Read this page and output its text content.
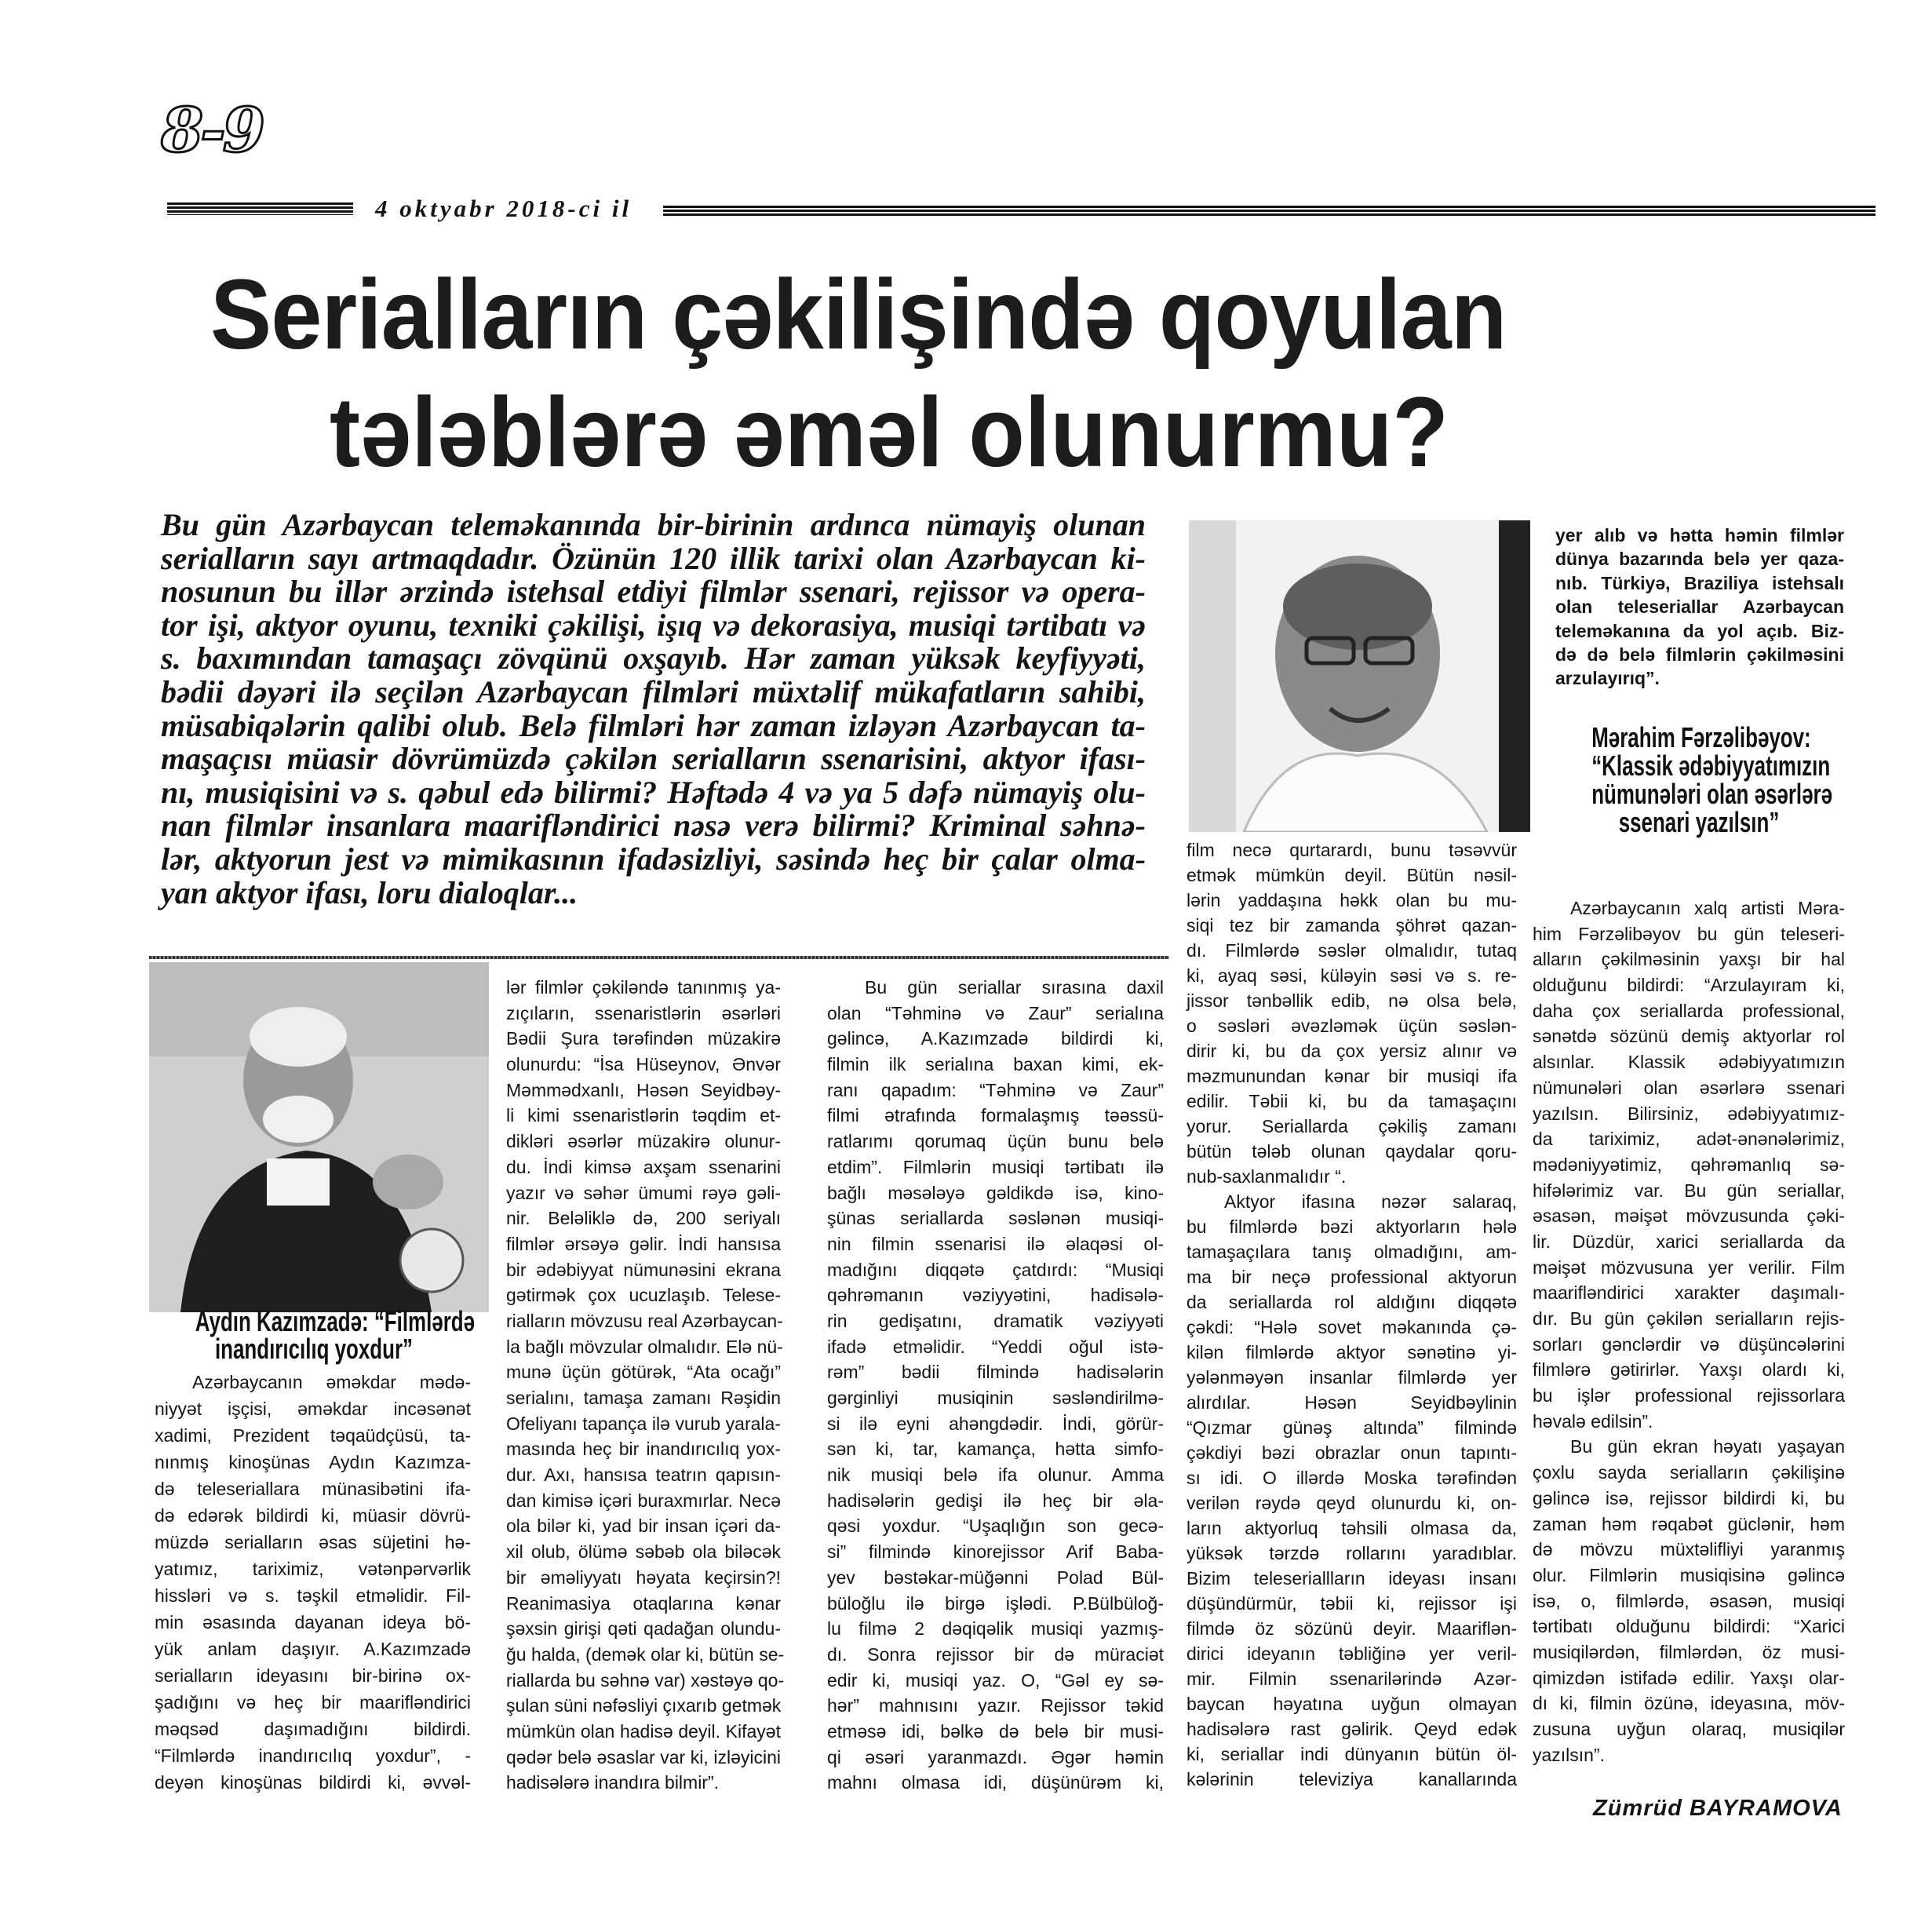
8-9
4 oktyabr 2018-ci il
Serialların çəkilişində qoyulan
tələblərə əməl olunurmu?
Bu gün Azərbaycan teleməkanında bir-birinin ardınca nümayiş olunan
serialların sayı artmaqdadır. Özünün 120 illik tarixi olan Azərbaycan ki-
nosunun bu illər ərzində istehsal etdiyi filmlər ssenari, rejissor və opera-
tor işi, aktyor oyunu, texniki çəkilişi, işıq və dekorasiya, musiqi tərtibatı və
s. baxımından tamaşaçı zövqünü oxşayıb. Hər zaman yüksək keyfiyyəti,
bədii dəyəri ilə seçilən Azərbaycan filmləri müxtəlif mükafatların sahibi,
müsabiqələrin qalibi olub. Belə filmləri hər zaman izləyən Azərbaycan ta-
maşaçısı müasir dövrümüzdə çəkilən serialların ssenarisini, aktyor ifası-
nı, musiqisini və s. qəbul edə bilirmi? Həftədə 4 və ya 5 dəfə nümayiş olu-
nan filmlər insanlara maarifləndirici nəsə verə bilirmi? Kriminal səhnə-
lər, aktyorun jest və mimikasının ifadəsizliyi, səsində heç bir çalar olma-
yan aktyor ifası, loru dialoqlar...
Aydın Kazımzadə: “Filmlərdə
inandırıcılıq yoxdur”
Mərahim Fərzəlibəyov:
“Klassik ədəbiyyatımızın
nümunələri olan əsərlərə
ssenari yazılsın”
Azərbaycanın əməkdar mədə-
niyyət işçisi, əməkdar incəsənət
xadimi, Prezident təqaüdçüsü, ta-
nınmış kinoşünas Aydın Kazımza-
də teleseriallara münasibətini ifa-
də edərək bildirdi ki, müasir dövrü-
müzdə serialların əsas süjetini hə-
yatımız, tariximiz, vətənpərvərlik
hissləri və s. təşkil etməlidir. Fil-
min əsasında dayanan ideya bö-
yük anlam daşıyır. A.Kazımzadə
serialların ideyasını bir-birinə ox-
şadığını və heç bir maarifləndirici
məqsəd daşımadığını bildirdi.
“Filmlərdə inandırıcılıq yoxdur”, -
deyən kinoşünas bildirdi ki, əvvəl-
lər filmlər çəkiləndə tanınmış ya-
zıçıların, ssenaristlərin əsərləri
Bədii Şura tərəfindən müzakirə
olunurdu: “İsa Hüseynov, Ənvər
Məmmədxanlı, Həsən Seyidbəy-
li kimi ssenaristlərin təqdim et-
dikləri əsərlər müzakirə olunur-
du. İndi kimsə axşam ssenarini
yazır və səhər ümumi rəyə gəli-
nir. Beləliklə də, 200 seriyalı
filmlər ərsəyə gəlir. İndi hansısa
bir ədəbiyyat nümunəsini ekrana
gətirmək çox ucuzlaşıb. Telese-
rialların mövzusu real Azərbaycan-
la bağlı mövzular olmalıdır. Elə nü-
munə üçün götürək, “Ata ocağı”
serialını, tamaşa zamanı Rəşidin
Ofeliyanı tapança ilə vurub yarala-
masında heç bir inandırıcılıq yox-
dur. Axı, hansısa teatrın qapısın-
dan kimisə içəri buraxmırlar. Necə
ola bilər ki, yad bir insan içəri da-
xil olub, ölümə səbəb ola biləcək
bir əməliyyatı həyata keçirsin?!
Reanimasiya otaqlarına kənar
şəxsin girişi qəti qadağan olundu-
ğu halda, (demək olar ki, bütün se-
riallarda bu səhnə var) xəstəyə qo-
şulan süni nəfəsliyi çıxarıb getmək
mümkün olan hadisə deyil. Kifayət
qədər belə əsaslar var ki, izləyicini
hadisələrə inandıra bilmir”.
Bu gün seriallar sırasına daxil
olan “Təhminə və Zaur” serialına
gəlincə, A.Kazımzadə bildirdi ki,
filmin ilk serialına baxan kimi, ek-
ranı qapadım: “Təhminə və Zaur”
filmi ətrafında formalaşmış təəssü-
ratlarımı qorumaq üçün bunu belə
etdim”. Filmlərin musiqi tərtibatı ilə
bağlı məsələyə gəldikdə isə, kino-
şünas seriallarda səslənən musiqi-
nin filmin ssenarisi ilə əlaqəsi ol-
madığını diqqətə çatdırdı: “Musiqi
qəhrəmanın vəziyyətini, hadisələ-
rin gedişatını, dramatik vəziyyəti
ifadə etməlidir. “Yeddi oğul istə-
rəm” bədii filmində hadisələrin
gərginliyi musiqinin səsləndirilmə-
si ilə eyni ahəngdədir. İndi, görür-
sən ki, tar, kamança, hətta simfo-
nik musiqi belə ifa olunur. Amma
hadisələrin gedişi ilə heç bir əla-
qəsi yoxdur. “Uşaqlığın son gecə-
si” filmində kinorejissor Arif Baba-
yev bəstəkar-müğənni Polad Bül-
büloğlu ilə birgə işlədi. P.Bülbüloğ-
lu filmə 2 dəqiqəlik musiqi yazmış-
dı. Sonra rejissor bir də müraciət
edir ki, musiqi yaz. O, “Gəl ey sə-
hər” mahnısını yazır. Rejissor təkid
etməsə idi, bəlkə də belə bir musi-
qi əsəri yaranmazdı. Əgər həmin
mahnı olmasa idi, düşünürəm ki,
film necə qurtarardı, bunu təsəvvür
etmək mümkün deyil. Bütün nəsil-
lərin yaddaşına həkk olan bu mu-
siqi tez bir zamanda şöhrət qazan-
dı. Filmlərdə səslər olmalıdır, tutaq
ki, ayaq səsi, küləyin səsi və s. re-
jissor tənbəllik edib, nə olsa belə,
o səsləri əvəzləmək üçün səslən-
dirir ki, bu da çox yersiz alınır və
məzmunundan kənar bir musiqi ifa
edilir. Təbii ki, bu da tamaşaçını
yorur. Seriallarda çəkiliş zamanı
bütün tələb olunan qaydalar qoru-
nub-saxlanmalıdır “.
Aktyor ifasına nəzər salaraq,
bu filmlərdə bəzi aktyorların hələ
tamaşaçılara tanış olmadığını, am-
ma bir neçə professional aktyorun
da seriallarda rol aldığını diqqətə
çəkdi: “Hələ sovet məkanında çə-
kilən filmlərdə aktyor sənətinə yi-
yələnməyən insanlar filmlərdə yer
alırdılar. Həsən Seyidbəylinin
“Qızmar günəş altında” filmində
çəkdiyi bəzi obrazlar onun tapıntı-
sı idi. O illərdə Moska tərəfindən
verilən rəydə qeyd olunurdu ki, on-
ların aktyorluq təhsili olmasa da,
yüksək tərzdə rollarını yaradıblar.
Bizim teleseriallların ideyası insanı
düşündürmür, təbii ki, rejissor işi
filmdə öz sözünü deyir. Maariflən-
dirici ideyanın təbliğinə yer veril-
mir. Filmin ssenarilərində Azər-
baycan həyatına uyğun olmayan
hadisələrə rast gəlirik. Qeyd edək
ki, seriallar indi dünyanın bütün öl-
kələrinin televiziya kanallarında
yer alıb və hətta həmin filmlər
dünya bazarında belə yer qaza-
nıb. Türkiyə, Braziliya istehsalı
olan teleseriallar Azərbaycan
teleməkanına da yol açıb. Biz-
də də belə filmlərin çəkilməsini
arzulayırıq”.
Azərbaycanın xalq artisti Məra-
him Fərzəlibəyov bu gün teleseri-
alların çəkilməsinin yaxşı bir hal
olduğunu bildirdi: “Arzulayıram ki,
daha çox seriallarda professional,
sənətdə sözünü demiş aktyorlar rol
alsınlar. Klassik ədəbiyyatımızın
nümunələri olan əsərlərə ssenari
yazılsın. Bilirsiniz, ədəbiyyatımız-
da tariximiz, adət-ənənələrimiz,
mədəniyyətimiz, qəhrəmanlıq sə-
hifələrimiz var. Bu gün seriallar,
əsasən, məişət mövzusunda çəki-
lir. Düzdür, xarici seriallarda da
məişət mözvusuna yer verilir. Film
maarifləndirici xarakter daşımalı-
dır. Bu gün çəkilən serialların rejis-
sorları gənclərdir və düşüncələrini
filmlərə gətirirlər. Yaxşı olardı ki,
bu işlər professional rejissorlara
həvalə edilsin”.
Bu gün ekran həyatı yaşayan
çoxlu sayda serialların çəkilişinə
gəlincə isə, rejissor bildirdi ki, bu
zaman həm rəqabət güclənir, həm
də mövzu müxtəlifliyi yaranmış
olur. Filmlərin musiqisinə gəlincə
isə, o, filmlərdə, əsasən, musiqi
tərtibatı olduğunu bildirdi: “Xarici
musiqilərdən, filmlərdən, öz musi-
qimizdən istifadə edilir. Yaxşı olar-
dı ki, filmin özünə, ideyasına, möv-
zusuna uyğun olaraq, musiqilər
yazılsın”.
Zümrüd BAYRAMOVA
